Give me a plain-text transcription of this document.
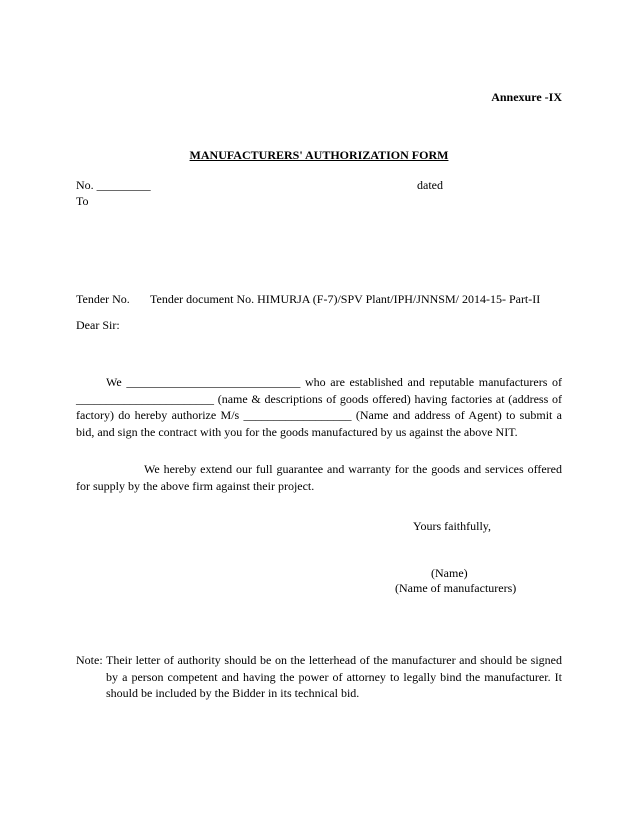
Annexure -IX
MANUFACTURERS' AUTHORIZATION FORM
No. _________	dated
To
Tender No. Tender document No. HIMURJA (F-7)/SPV Plant/IPH/JNNSM/ 2014-15- Part-II
Dear Sir:
We _____________________________ who are established and reputable manufacturers of _______________________ (name & descriptions of goods offered) having factories at (address of factory) do hereby authorize M/s __________________ (Name and address of Agent) to submit a bid, and sign the contract with you for the goods manufactured by us against the above NIT.
We hereby extend our full guarantee and warranty for the goods and services offered for supply by the above firm against their project.
Yours faithfully,
(Name)
(Name of manufacturers)
Note: Their letter of authority should be on the letterhead of the manufacturer and should be signed by a person competent and having the power of attorney to legally bind the manufacturer. It should be included by the Bidder in its technical bid.
